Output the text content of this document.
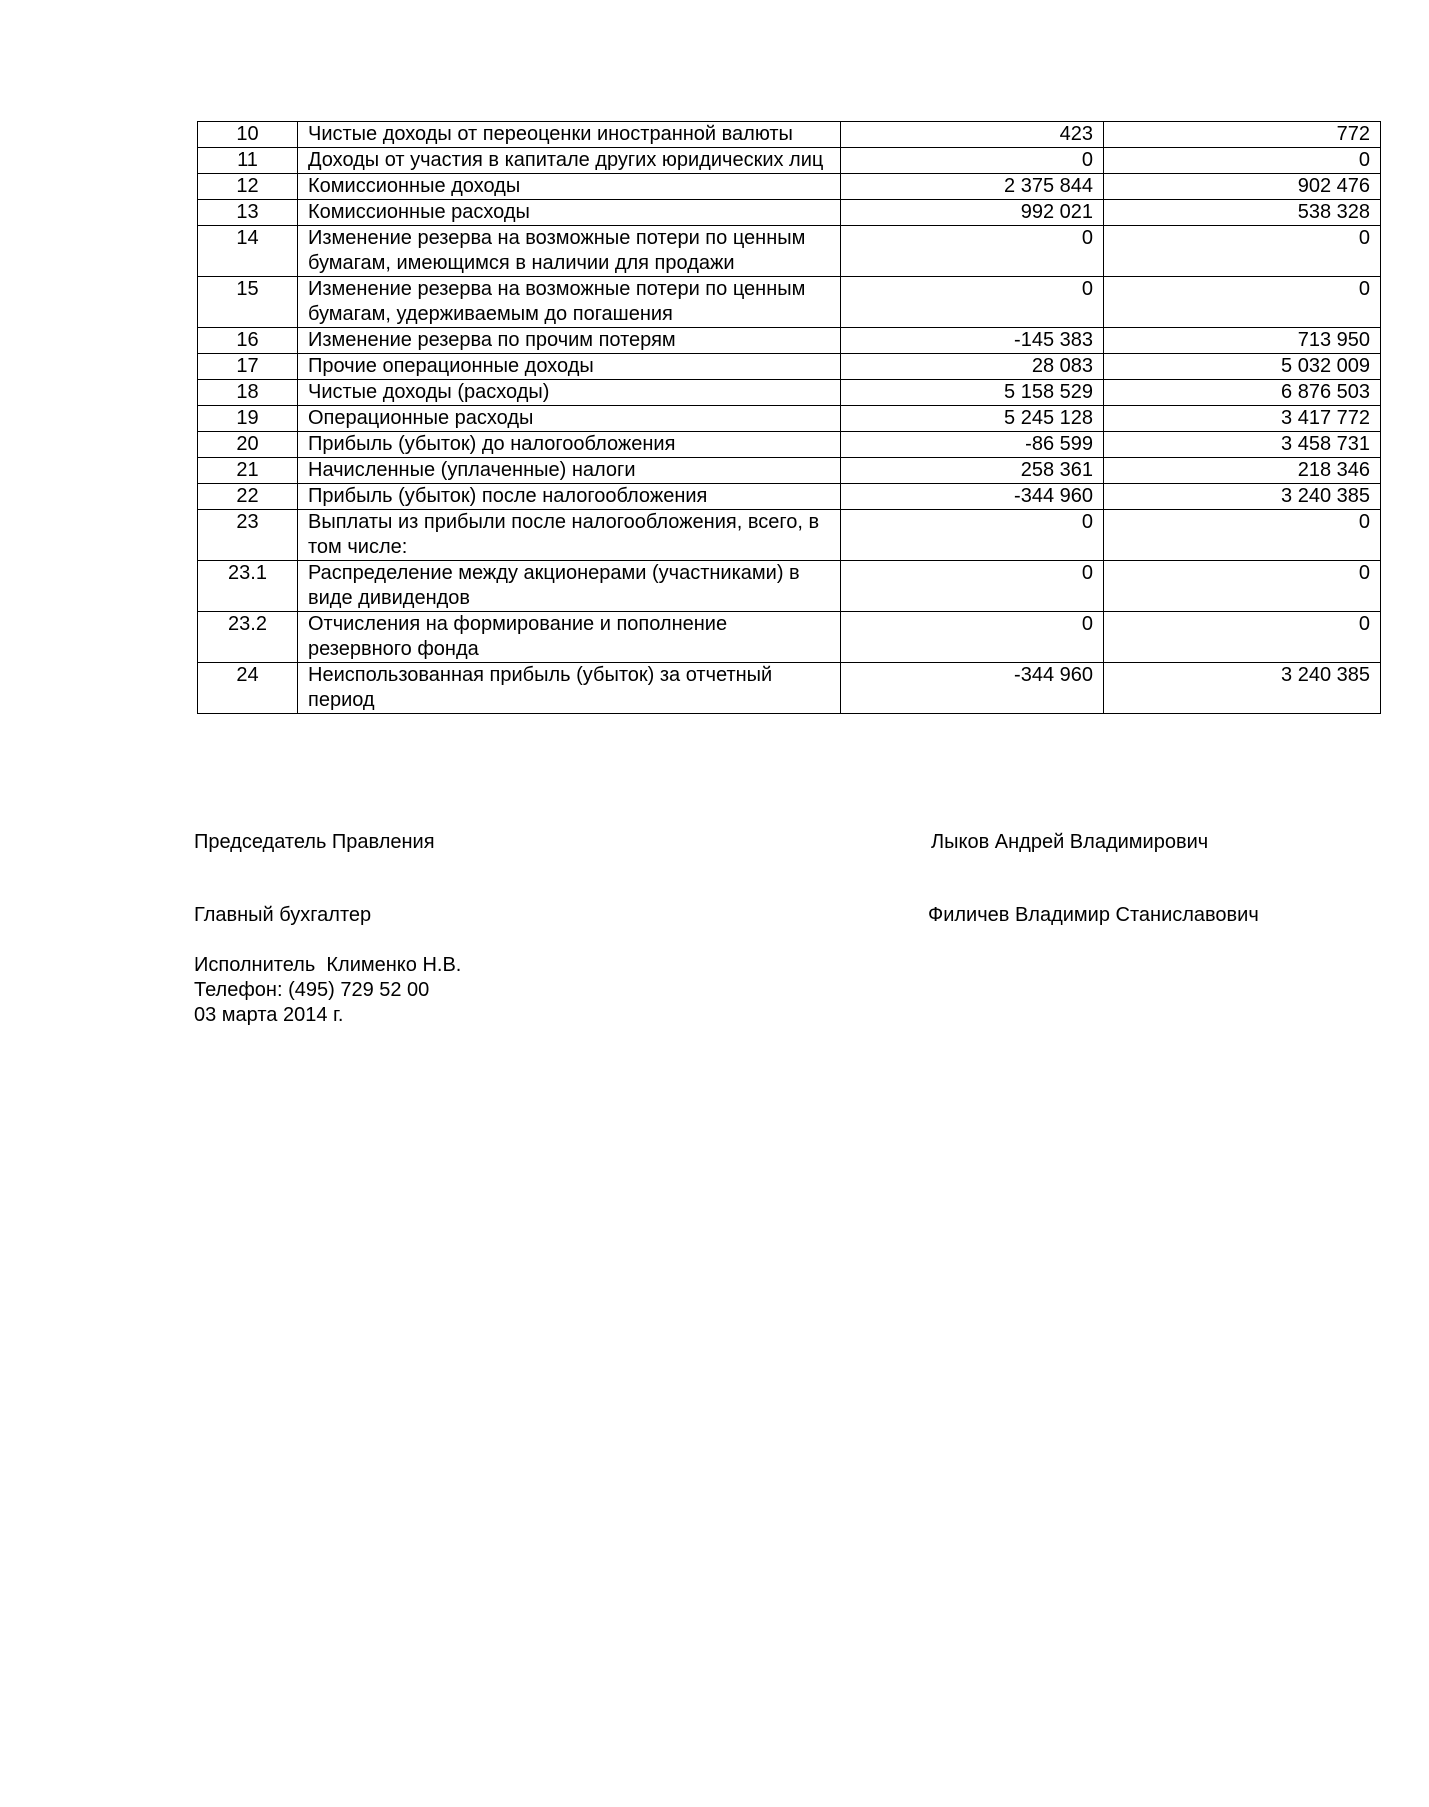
10	Чистые доходы от переоценки иностранной валюты	423	772
11	Доходы от участия в капитале других юридических лиц	0	0
12	Комиссионные доходы	2 375 844	902 476
13	Комиссионные расходы	992 021	538 328
14	Изменение резерва на возможные потери по ценным бумагам, имеющимся в наличии для продажи	0	0
15	Изменение резерва на возможные потери по ценным бумагам, удерживаемым до погашения	0	0
16	Изменение резерва по прочим потерям	-145 383	713 950
17	Прочие операционные доходы	28 083	5 032 009
18	Чистые доходы (расходы)	5 158 529	6 876 503
19	Операционные расходы	5 245 128	3 417 772
20	Прибыль (убыток) до налогообложения	-86 599	3 458 731
21	Начисленные (уплаченные) налоги	258 361	218 346
22	Прибыль (убыток) после налогообложения	-344 960	3 240 385
23	Выплаты из прибыли после налогообложения, всего, в том числе:	0	0
23.1	Распределение между акционерами (участниками) в виде дивидендов	0	0
23.2	Отчисления на формирование и пополнение резервного фонда	0	0
24	Неиспользованная прибыль (убыток) за отчетный период	-344 960	3 240 385
Председатель Правления	Лыков Андрей Владимирович
Главный бухгалтер	Филичев Владимир Станиславович
Исполнитель  Клименко Н.В.
Телефон: (495) 729 52 00
03 марта 2014 г.
